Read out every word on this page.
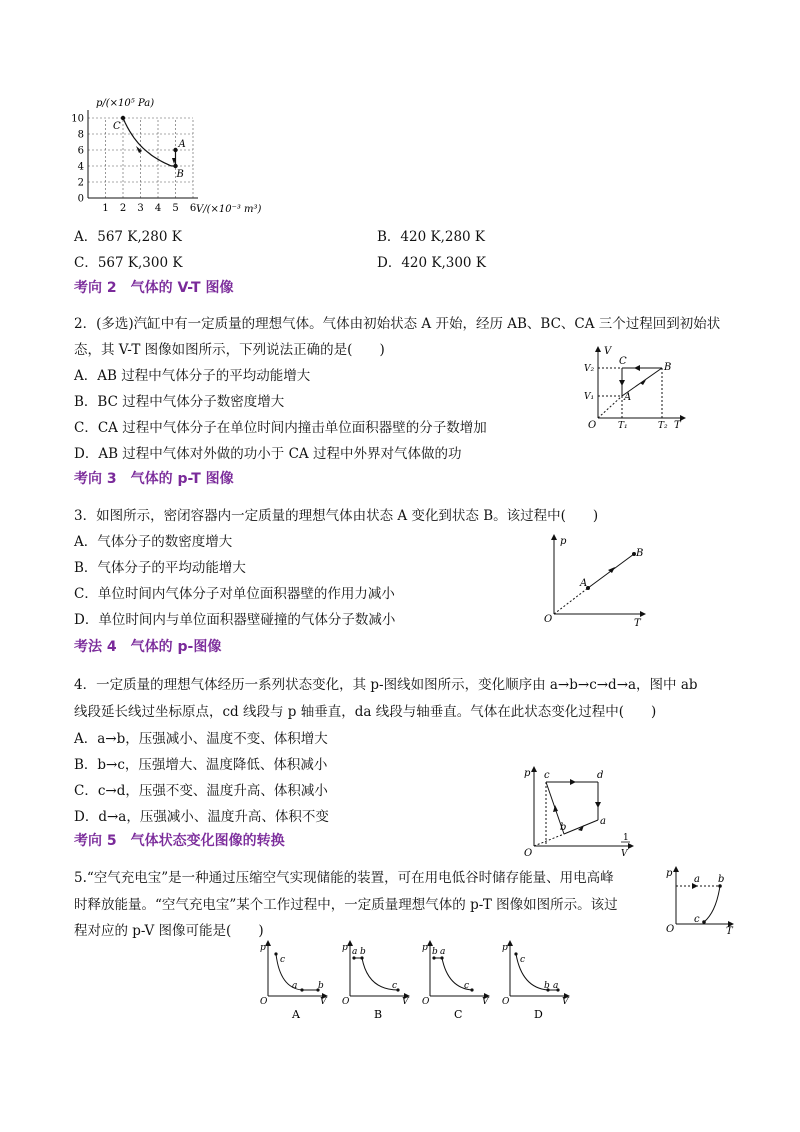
p/(×10⁵ Pa)
10
8
6
4
2
0
1 2 3 4 5 6
C
A
B
V/(×10⁻³ m³)
A．567 K,280 K	B．420 K,280 K
C．567 K,300 K	D．420 K,300 K
考向 2　气体的 V-T 图像
2．(多选)汽缸中有一定质量的理想气体。气体由初始状态 A 开始，经历 AB、BC、CA 三个过程回到初始状
态，其 V-T 图像如图所示，下列说法正确的是(　　)
A．AB 过程中气体分子的平均动能增大
B．BC 过程中气体分子数密度增大
C．CA 过程中气体分子在单位时间内撞击单位面积器壁的分子数增加
D．AB 过程中气体对外做的功小于 CA 过程中外界对气体做的功
V
T
O
V₂
V₁
T₁	T₂
A
B
C
考向 3　气体的 p-T 图像
3．如图所示，密闭容器内一定质量的理想气体由状态 A 变化到状态 B。该过程中(　　)
A．气体分子的数密度增大
B．气体分子的平均动能增大
C．单位时间内气体分子对单位面积器壁的作用力减小
D．单位时间内与单位面积器壁碰撞的气体分子数减小
p
T
O
A
B
考法 4　气体的 p-图像
4．一定质量的理想气体经历一系列状态变化，其 p-图线如图所示，变化顺序由 a→b→c→d→a，图中 ab
线段延长线过坐标原点，cd 线段与 p 轴垂直，da 线段与轴垂直。气体在此状态变化过程中(　　)
A．a→b，压强减小、温度不变、体积增大
B．b→c，压强增大、温度降低、体积减小
C．c→d，压强不变、温度升高、体积减小
D．d→a，压强减小、温度升高、体积不变
p
O
c	d
a
b
1
V
考向 5　气体状态变化图像的转换
5.“空气充电宝”是一种通过压缩空气实现储能的装置，可在用电低谷时储存能量、用电高峰
时释放能量。“空气充电宝”某个工作过程中，一定质量理想气体的 p-T 图像如图所示。该过
程对应的 p-V 图像可能是(　　)
p
T
O
a b
c
p
O	V
c
a b
A
p
O	V
a b
c
B
p
O	V
b a
c
C
p
O	V
c
b a
D
